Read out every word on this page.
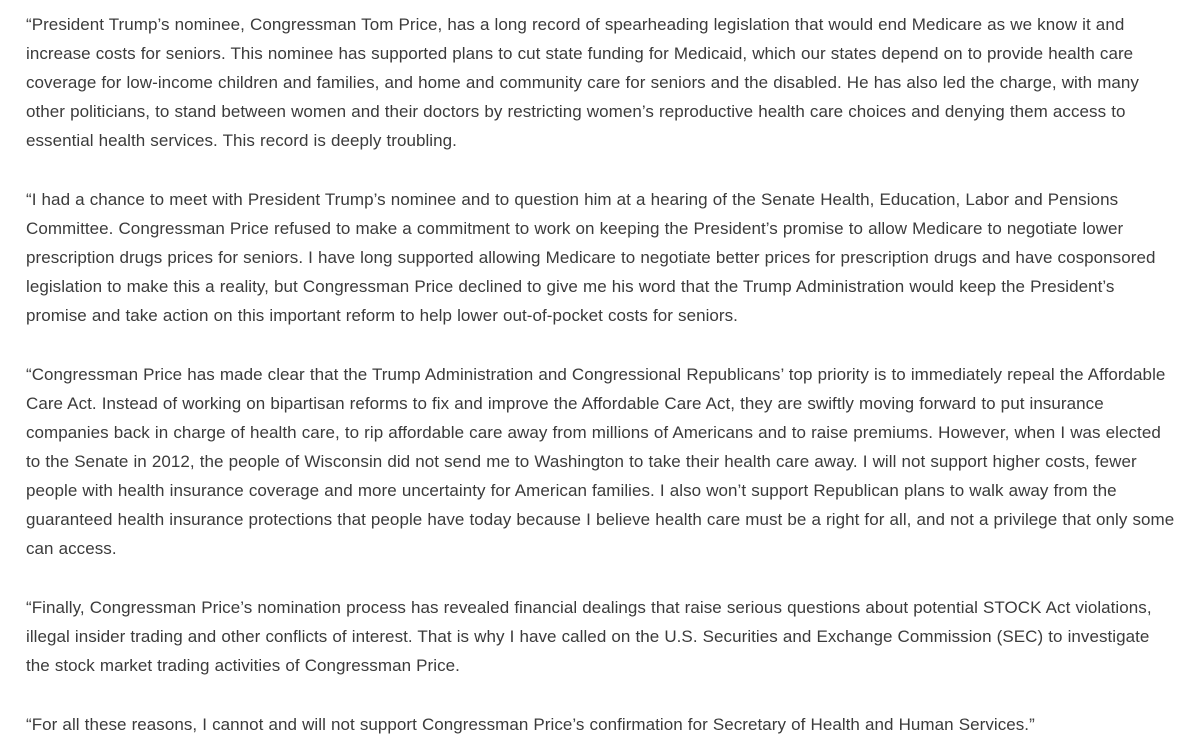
“President Trump’s nominee, Congressman Tom Price, has a long record of spearheading legislation that would end Medicare as we know it and increase costs for seniors. This nominee has supported plans to cut state funding for Medicaid, which our states depend on to provide health care coverage for low-income children and families, and home and community care for seniors and the disabled. He has also led the charge, with many other politicians, to stand between women and their doctors by restricting women’s reproductive health care choices and denying them access to essential health services. This record is deeply troubling.

“I had a chance to meet with President Trump’s nominee and to question him at a hearing of the Senate Health, Education, Labor and Pensions Committee. Congressman Price refused to make a commitment to work on keeping the President’s promise to allow Medicare to negotiate lower prescription drugs prices for seniors. I have long supported allowing Medicare to negotiate better prices for prescription drugs and have cosponsored legislation to make this a reality, but Congressman Price declined to give me his word that the Trump Administration would keep the President’s promise and take action on this important reform to help lower out-of-pocket costs for seniors.

“Congressman Price has made clear that the Trump Administration and Congressional Republicans’ top priority is to immediately repeal the Affordable Care Act. Instead of working on bipartisan reforms to fix and improve the Affordable Care Act, they are swiftly moving forward to put insurance companies back in charge of health care, to rip affordable care away from millions of Americans and to raise premiums. However, when I was elected to the Senate in 2012, the people of Wisconsin did not send me to Washington to take their health care away. I will not support higher costs, fewer people with health insurance coverage and more uncertainty for American families. I also won’t support Republican plans to walk away from the guaranteed health insurance protections that people have today because I believe health care must be a right for all, and not a privilege that only some can access.

“Finally, Congressman Price’s nomination process has revealed financial dealings that raise serious questions about potential STOCK Act violations, illegal insider trading and other conflicts of interest. That is why I have called on the U.S. Securities and Exchange Commission (SEC) to investigate the stock market trading activities of Congressman Price.

“For all these reasons, I cannot and will not support Congressman Price’s confirmation for Secretary of Health and Human Services.”
